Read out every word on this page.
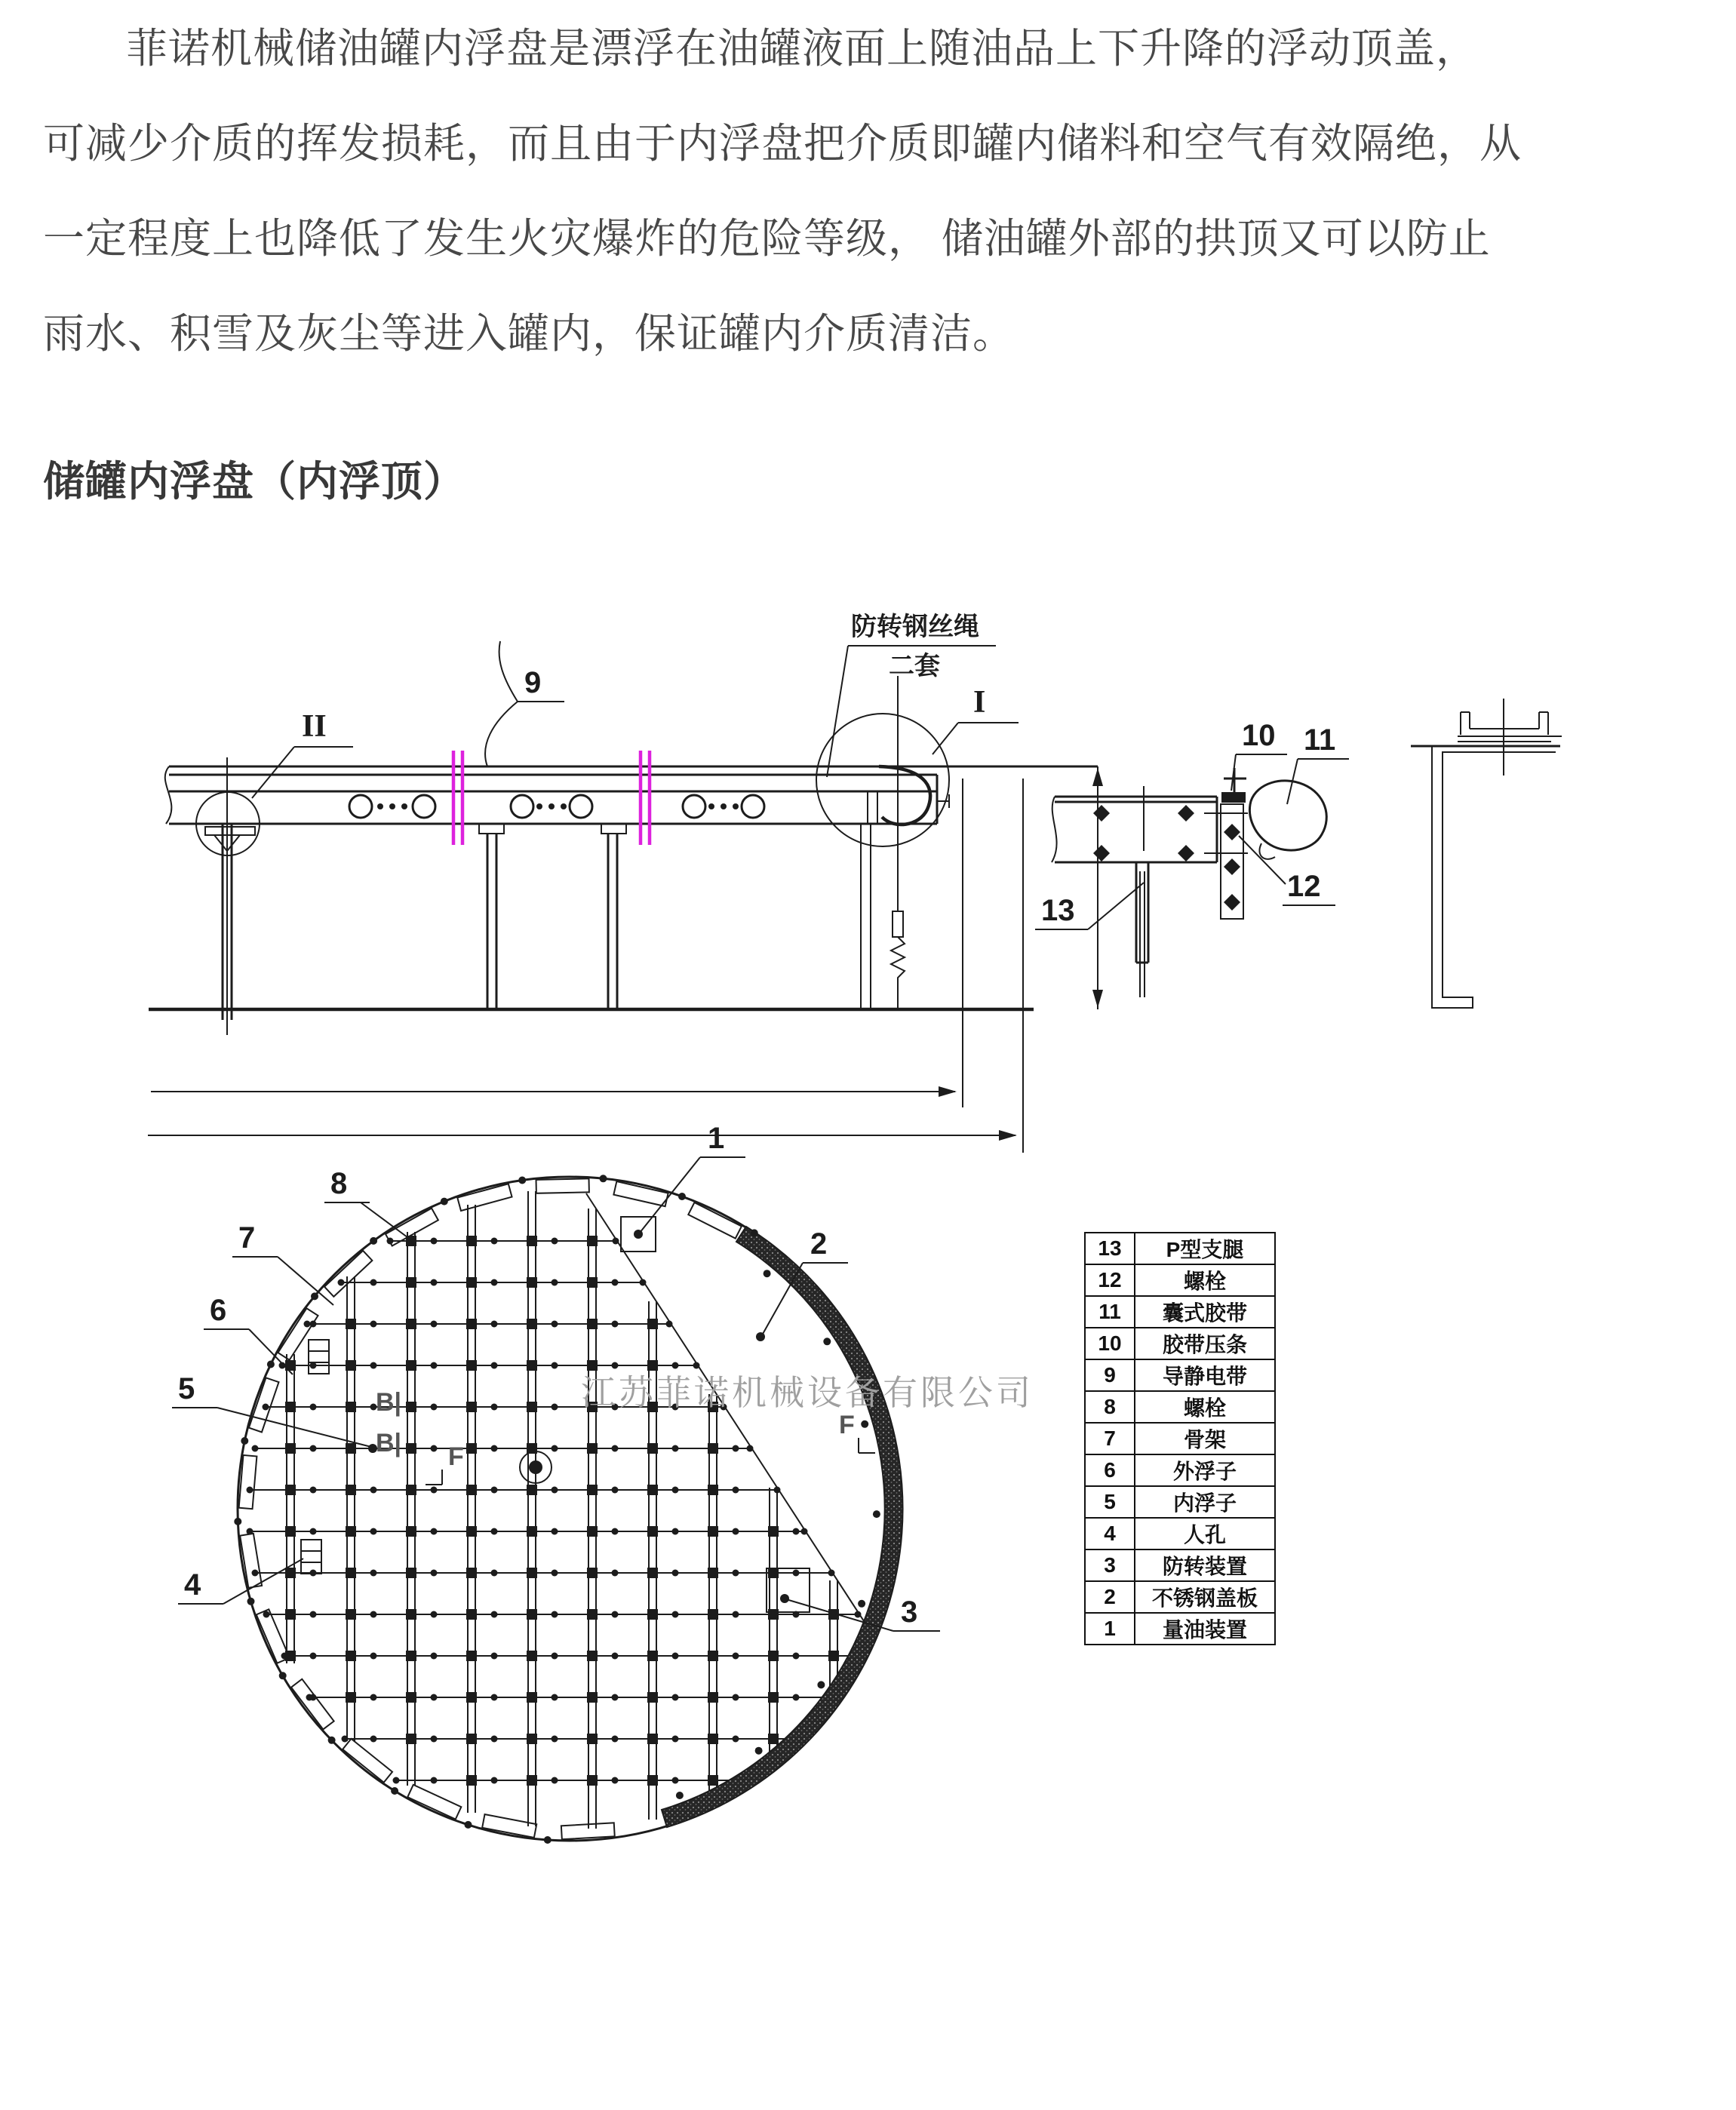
菲诺机械储油罐内浮盘是漂浮在油罐液面上随油品上下升降的浮动顶盖，
可减少介质的挥发损耗，而且由于内浮盘把介质即罐内储料和空气有效隔绝，从
一定程度上也降低了发生火灾爆炸的危险等级， 储油罐外部的拱顶又可以防止
雨水、积雪及灰尘等进入罐内，保证罐内介质清洁。
储罐内浮盘（内浮顶）
9
II
I
防转钢丝绳
二套
10 11
12
13
8
7
6
5
4
1
2
3
B|
B| F
F
江苏菲诺机械设备有限公司
13	P型支腿
12	螺栓
11	囊式胶带
10	胶带压条
9	导静电带
8	螺栓
7	骨架
6	外浮子
5	内浮子
4	人孔
3	防转装置
2	不锈钢盖板
1	量油装置
